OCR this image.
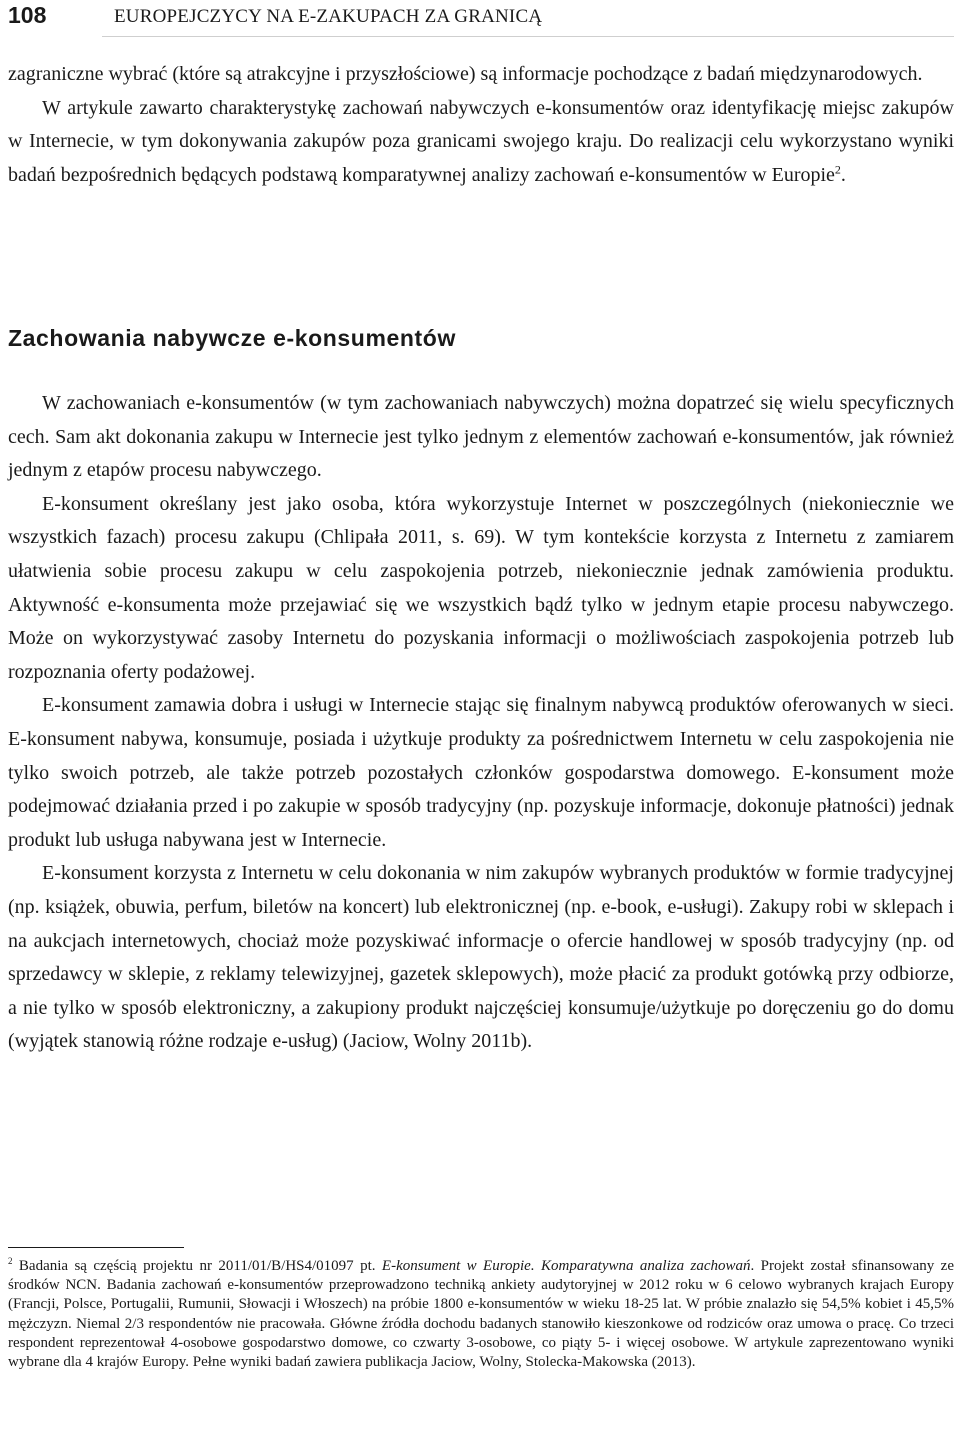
108	EUROPEJCZYCY NA E-ZAKUPACH ZA GRANICĄ

zagraniczne wybrać (które są atrakcyjne i przyszłościowe) są informacje pochodzące z badań międzynarodowych.

W artykule zawarto charakterystykę zachowań nabywczych e-konsumentów oraz identyfikację miejsc zakupów w Internecie, w tym dokonywania zakupów poza granicami swojego kraju. Do realizacji celu wykorzystano wyniki badań bezpośrednich będących podstawą komparatywnej analizy zachowań e-konsumentów w Europie$^2$.

Zachowania nabywcze e-konsumentów

W zachowaniach e-konsumentów (w tym zachowaniach nabywczych) można dopatrzeć się wielu specyficznych cech. Sam akt dokonania zakupu w Internecie jest tylko jednym z elementów zachowań e-konsumentów, jak również jednym z etapów procesu nabywczego.

E-konsument określany jest jako osoba, która wykorzystuje Internet w poszczególnych (niekoniecznie we wszystkich fazach) procesu zakupu (Chlipała 2011, s. 69). W tym kontekście korzysta z Internetu z zamiarem ułatwienia sobie procesu zakupu w celu zaspokojenia potrzeb, niekoniecznie jednak zamówienia produktu. Aktywność e-konsumenta może przejawiać się we wszystkich bądź tylko w jednym etapie procesu nabywczego. Może on wykorzystywać zasoby Internetu do pozyskania informacji o możliwościach zaspokojenia potrzeb lub rozpoznania oferty podażowej.

E-konsument zamawia dobra i usługi w Internecie stając się finalnym nabywcą produktów oferowanych w sieci. E-konsument nabywa, konsumuje, posiada i użytkuje produkty za pośrednictwem Internetu w celu zaspokojenia nie tylko swoich potrzeb, ale także potrzeb pozostałych członków gospodarstwa domowego. E-konsument może podejmować działania przed i po zakupie w sposób tradycyjny (np. pozyskuje informacje, dokonuje płatności) jednak produkt lub usługa nabywana jest w Internecie.

E-konsument korzysta z Internetu w celu dokonania w nim zakupów wybranych produktów w formie tradycyjnej (np. książek, obuwia, perfum, biletów na koncert) lub elektronicznej (np. e-book, e-usługi). Zakupy robi w sklepach i na aukcjach internetowych, chociaż może pozyskiwać informacje o ofercie handlowej w sposób tradycyjny (np. od sprzedawcy w sklepie, z reklamy telewizyjnej, gazetek sklepowych), może płacić za produkt gotówką przy odbiorze, a nie tylko w sposób elektroniczny, a zakupiony produkt najczęściej konsumuje/użytkuje po doręczeniu go do domu (wyjątek stanowią różne rodzaje e-usług) (Jaciow, Wolny 2011b).

$^2$ Badania są częścią projektu nr 2011/01/B/HS4/01097 pt. E-konsument w Europie. Komparatywna analiza zachowań. Projekt został sfinansowany ze środków NCN. Badania zachowań e-konsumentów przeprowadzono techniką ankiety audytoryjnej w 2012 roku w 6 celowo wybranych krajach Europy (Francji, Polsce, Portugalii, Rumunii, Słowacji i Włoszech) na próbie 1800 e-konsumentów w wieku 18-25 lat. W próbie znalazło się 54,5% kobiet i 45,5% mężczyzn. Niemal 2/3 respondentów nie pracowała. Główne źródła dochodu badanych stanowiło kieszonkowe od rodziców oraz umowa o pracę. Co trzeci respondent reprezentował 4-osobowe gospodarstwo domowe, co czwarty 3-osobowe, co piąty 5- i więcej osobowe. W artykule zaprezentowano wyniki wybrane dla 4 krajów Europy. Pełne wyniki badań zawiera publikacja Jaciow, Wolny, Stolecka-Makowska (2013).
